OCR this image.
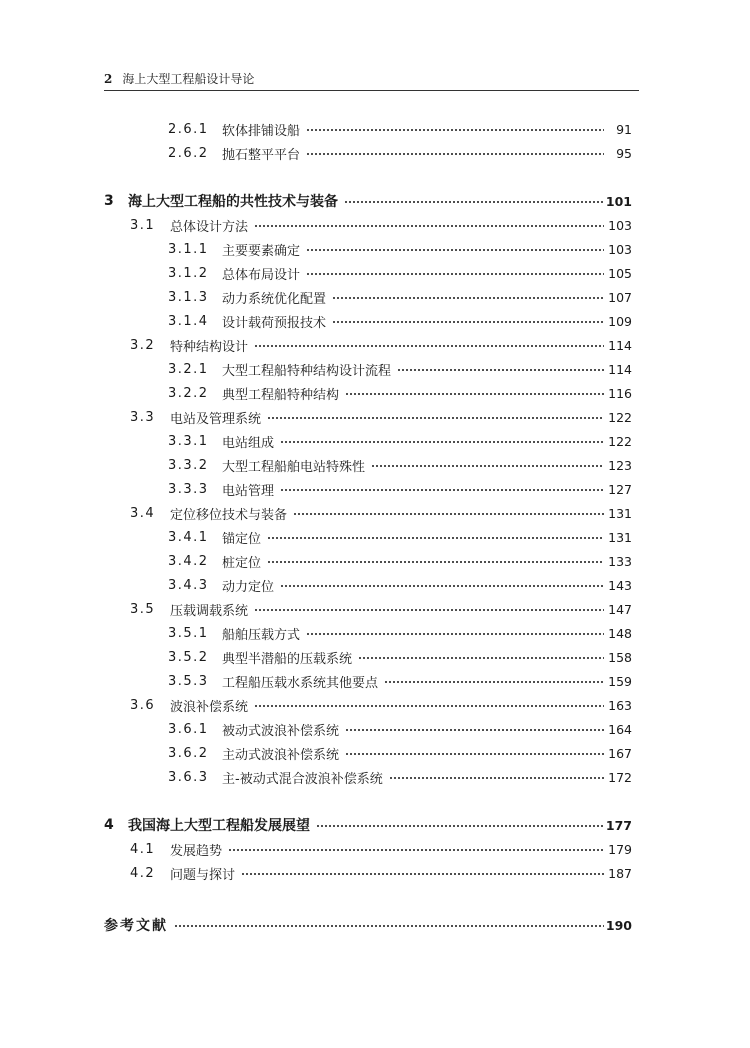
2 海上大型工程船设计导论
2.6.1	软体排铺设船	91
2.6.2	抛石整平平台	95
3	海上大型工程船的共性技术与装备	101
3.1	总体设计方法	103
3.1.1	主要要素确定	103
3.1.2	总体布局设计	105
3.1.3	动力系统优化配置	107
3.1.4	设计载荷预报技术	109
3.2	特种结构设计	114
3.2.1	大型工程船特种结构设计流程	114
3.2.2	典型工程船特种结构	116
3.3	电站及管理系统	122
3.3.1	电站组成	122
3.3.2	大型工程船舶电站特殊性	123
3.3.3	电站管理	127
3.4	定位移位技术与装备	131
3.4.1	锚定位	131
3.4.2	桩定位	133
3.4.3	动力定位	143
3.5	压载调载系统	147
3.5.1	船舶压载方式	148
3.5.2	典型半潜船的压载系统	158
3.5.3	工程船压载水系统其他要点	159
3.6	波浪补偿系统	163
3.6.1	被动式波浪补偿系统	164
3.6.2	主动式波浪补偿系统	167
3.6.3	主-被动式混合波浪补偿系统	172
4	我国海上大型工程船发展展望	177
4.1	发展趋势	179
4.2	问题与探讨	187
参考文献	190
